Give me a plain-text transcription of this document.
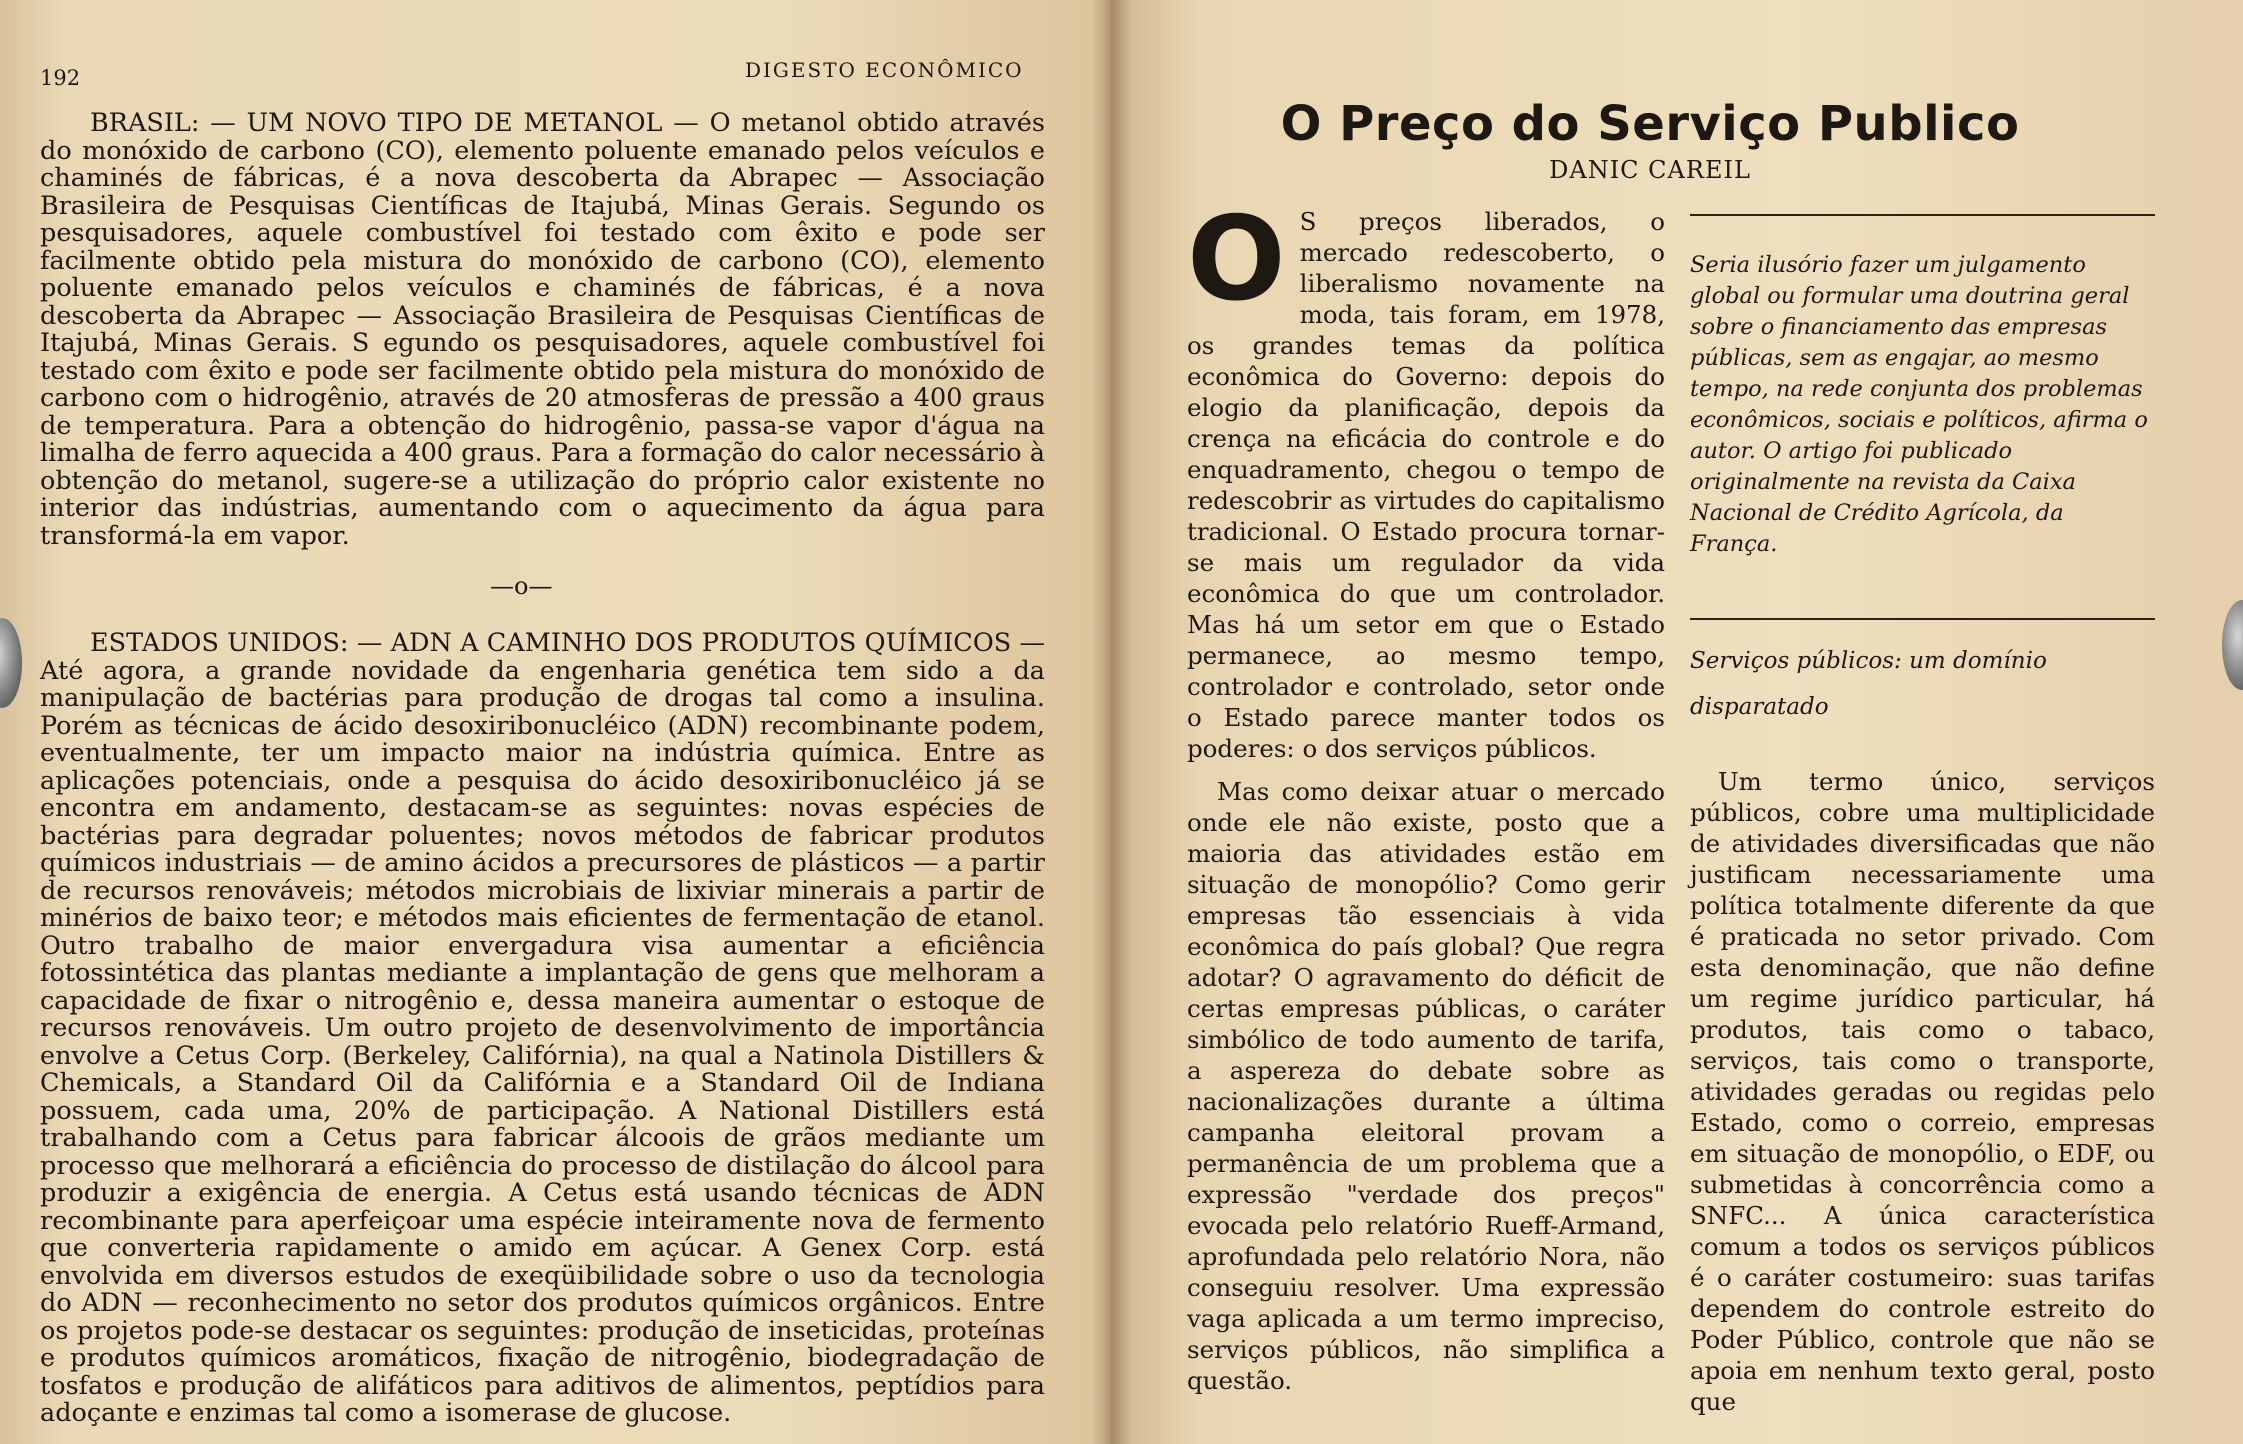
192	DIGESTO ECONÔMICO

BRASIL: — UM NOVO TIPO DE METANOL — O metanol obtido através do monóxido de carbono (CO), elemento poluente emanado pelos veículos e chaminés de fábricas, é a nova descoberta da Abrapec — Associação Brasileira de Pesquisas Científicas de Itajubá, Minas Gerais. Segundo os pesquisadores, aquele combustível foi testado com êxito e pode ser facilmente obtido pela mistura do monóxido de carbono (CO), elemento poluente emanado pelos veículos e chaminés de fábricas, é a nova descoberta da Abrapec — Associação Brasileira de Pesquisas Científicas de Itajubá, Minas Gerais. S egundo os pesquisadores, aquele combustível foi testado com êxito e pode ser facilmente obtido pela mistura do monóxido de carbono com o hidrogênio, através de 20 atmosferas de pressão a 400 graus de temperatura. Para a obtenção do hidrogênio, passa-se vapor d'água na limalha de ferro aquecida a 400 graus. Para a formação do calor necessário à obtenção do metanol, sugere-se a utilização do próprio calor existente no interior das indústrias, aumentando com o aquecimento da água para transformá-la em vapor.

—o—

ESTADOS UNIDOS: — ADN A CAMINHO DOS PRODUTOS QUÍMICOS — Até agora, a grande novidade da engenharia genética tem sido a da manipulação de bactérias para produção de drogas tal como a insulina. Porém as técnicas de ácido desoxiribonucléico (ADN) recombinante podem, eventualmente, ter um impacto maior na indústria química. Entre as aplicações potenciais, onde a pesquisa do ácido desoxiribonucléico já se encontra em andamento, destacam-se as seguintes: novas espécies de bactérias para degradar poluentes; novos métodos de fabricar produtos químicos industriais — de amino ácidos a precursores de plásticos — a partir de recursos renováveis; métodos microbiais de lixiviar minerais a partir de minérios de baixo teor; e métodos mais eficientes de fermentação de etanol. Outro trabalho de maior envergadura visa aumentar a eficiência fotossintética das plantas mediante a implantação de gens que melhoram a capacidade de fixar o nitrogênio e, dessa maneira aumentar o estoque de recursos renováveis. Um outro projeto de desenvolvimento de importância envolve a Cetus Corp. (Berkeley, Califórnia), na qual a Natinola Distillers & Chemicals, a Standard Oil da Califórnia e a Standard Oil de Indiana possuem, cada uma, 20% de participação. A National Distillers está trabalhando com a Cetus para fabricar álcoois de grãos mediante um processo que melhorará a eficiência do processo de distilação do álcool para produzir a exigência de energia. A Cetus está usando técnicas de ADN recombinante para aperfeiçoar uma espécie inteiramente nova de fermento que converteria rapidamente o amido em açúcar. A Genex Corp. está envolvida em diversos estudos de exeqüibilidade sobre o uso da tecnologia do ADN — reconhecimento no setor dos produtos químicos orgânicos. Entre os projetos pode-se destacar os seguintes: produção de inseticidas, proteínas e produtos químicos aromáticos, fixação de nitrogênio, biodegradação de tosfatos e produção de alifáticos para aditivos de alimentos, peptídios para adoçante e enzimas tal como a isomerase de glucose.

O Preço do Serviço Publico
DANIC CAREIL

O S preços liberados, o mercado redescoberto, o liberalismo novamente na moda, tais foram, em 1978, os grandes temas da política econômica do Governo: depois do elogio da planificação, depois da crença na eficácia do controle e do enquadramento, chegou o tempo de redescobrir as virtudes do capitalismo tradicional. O Estado procura tornar-se mais um regulador da vida econômica do que um controlador. Mas há um setor em que o Estado permanece, ao mesmo tempo, controlador e controlado, setor onde o Estado parece manter todos os poderes: o dos serviços públicos.

Mas como deixar atuar o mercado onde ele não existe, posto que a maioria das atividades estão em situação de monopólio? Como gerir empresas tão essenciais à vida econômica do país global? Que regra adotar? O agravamento do déficit de certas empresas públicas, o caráter simbólico de todo aumento de tarifa, a aspereza do debate sobre as nacionalizações durante a última campanha eleitoral provam a permanência de um problema que a expressão "verdade dos preços" evocada pelo relatório Rueff-Armand, aprofundada pelo relatório Nora, não conseguiu resolver. Uma expressão vaga aplicada a um termo impreciso, serviços públicos, não simplifica a questão.

Seria ilusório fazer um julgamento global ou formular uma doutrina geral sobre o financiamento das empresas públicas, sem as engajar, ao mesmo tempo, na rede conjunta dos problemas econômicos, sociais e políticos, afirma o autor. O artigo foi publicado originalmente na revista da Caixa Nacional de Crédito Agrícola, da França.

Serviços públicos: um domínio disparatado

Um termo único, serviços públicos, cobre uma multiplicidade de atividades diversificadas que não justificam necessariamente uma política totalmente diferente da que é praticada no setor privado. Com esta denominação, que não define um regime jurídico particular, há produtos, tais como o tabaco, serviços, tais como o transporte, atividades geradas ou regidas pelo Estado, como o correio, empresas em situação de monopólio, o EDF, ou submetidas à concorrência como a SNFC... A única característica comum a todos os serviços públicos é o caráter costumeiro: suas tarifas dependem do controle estreito do Poder Público, controle que não se apoia em nenhum texto geral, posto que
